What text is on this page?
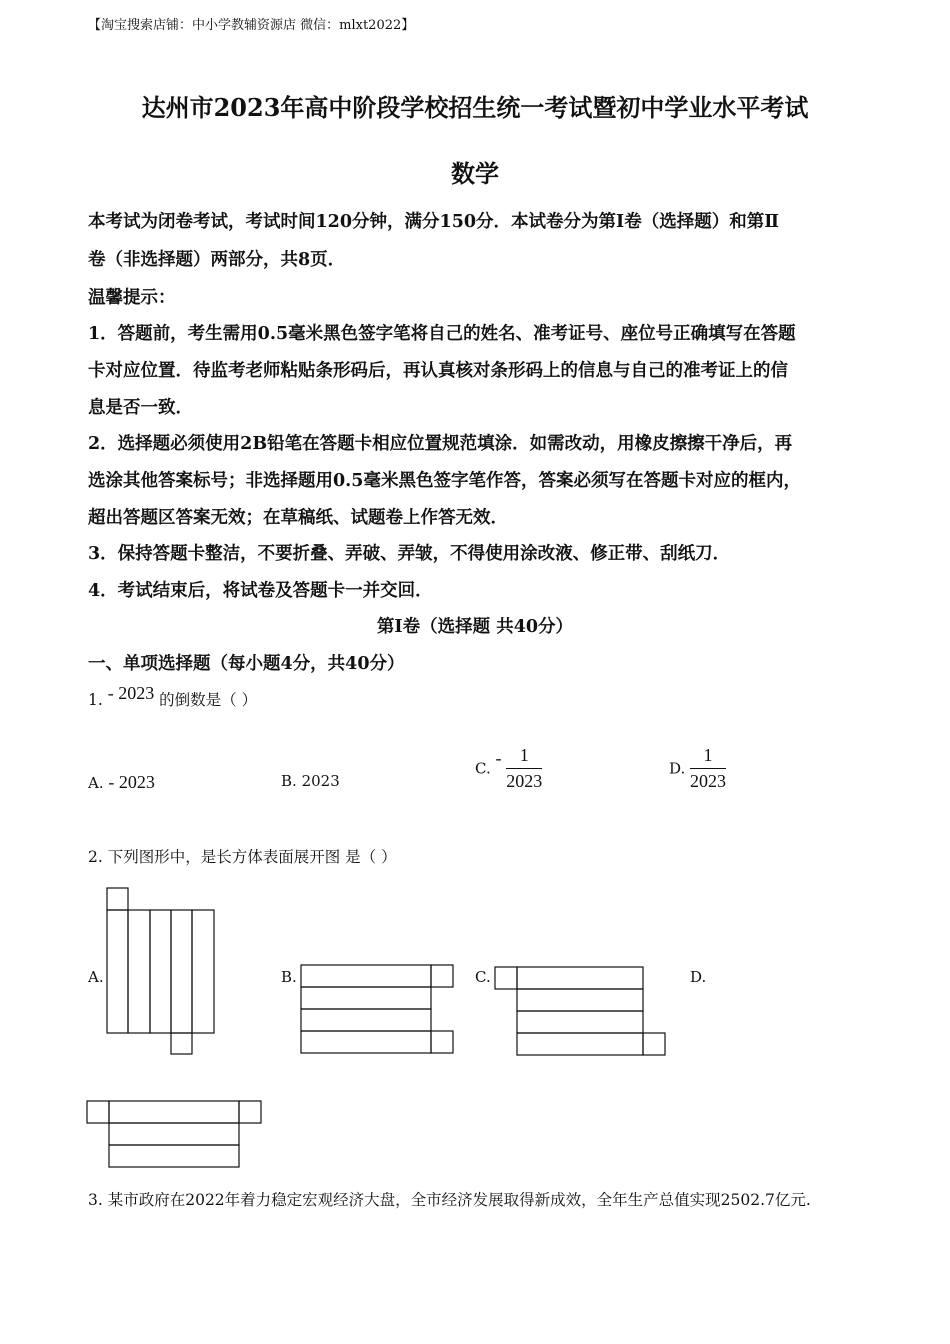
【淘宝搜索店铺：中小学教辅资源店 微信：mlxt2022】
达州市2023年高中阶段学校招生统一考试暨初中学业水平考试
数学
本考试为闭卷考试，考试时间120分钟，满分150分．本试卷分为第Ⅰ卷（选择题）和第Ⅱ
卷（非选择题）两部分，共8页．
温馨提示：
1．答题前，考生需用0.5毫米黑色签字笔将自己的姓名、准考证号、座位号正确填写在答题
卡对应位置．待监考老师粘贴条形码后，再认真核对条形码上的信息与自己的准考证上的信
息是否一致．
2．选择题必须使用2B铅笔在答题卡相应位置规范填涂．如需改动，用橡皮擦擦干净后，再
选涂其他答案标号；非选择题用0.5毫米黑色签字笔作答，答案必须写在答题卡对应的框内，
超出答题区答案无效；在草稿纸、试题卷上作答无效．
3．保持答题卡整洁，不要折叠、弄破、弄皱，不得使用涂改液、修正带、刮纸刀．
4．考试结束后，将试卷及答题卡一并交回．
第Ⅰ卷（选择题 共40分）
一、单项选择题（每小题4分，共40分）
1. - 2023 的倒数是（ ）
A. - 2023	B. 2023
C. - $\frac{1}{2023}$	D. $\frac{1}{2023}$
2. 下列图形中，是长方体表面展开图 是（ ）
A.	B.	C.	D.
3. 某市政府在2022年着力稳定宏观经济大盘，全市经济发展取得新成效，全年生产总值实现2502.7亿元.
